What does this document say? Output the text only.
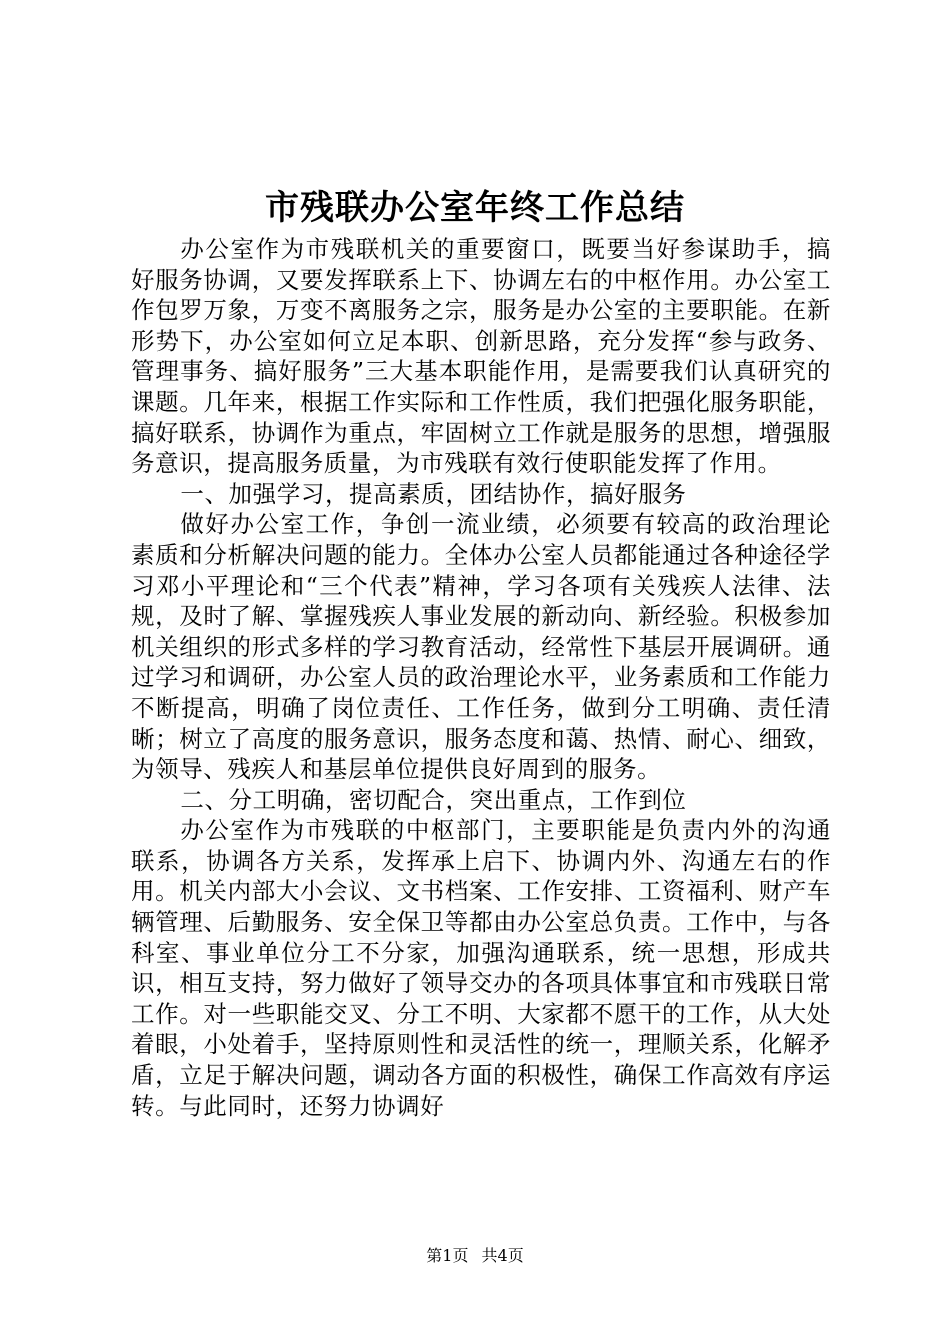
市残联办公室年终工作总结

办公室作为市残联机关的重要窗口，既要当好参谋助手，搞好服务协调，又要发挥联系上下、协调左右的中枢作用。办公室工作包罗万象，万变不离服务之宗，服务是办公室的主要职能。在新形势下，办公室如何立足本职、创新思路，充分发挥“参与政务、管理事务、搞好服务”三大基本职能作用，是需要我们认真研究的课题。几年来，根据工作实际和工作性质，我们把强化服务职能，搞好联系，协调作为重点，牢固树立工作就是服务的思想，增强服务意识，提高服务质量，为市残联有效行使职能发挥了作用。

一、加强学习，提高素质，团结协作，搞好服务

做好办公室工作，争创一流业绩，必须要有较高的政治理论素质和分析解决问题的能力。全体办公室人员都能通过各种途径学习邓小平理论和“三个代表”精神，学习各项有关残疾人法律、法规，及时了解、掌握残疾人事业发展的新动向、新经验。积极参加机关组织的形式多样的学习教育活动，经常性下基层开展调研。通过学习和调研，办公室人员的政治理论水平，业务素质和工作能力不断提高，明确了岗位责任、工作任务，做到分工明确、责任清晰；树立了高度的服务意识，服务态度和蔼、热情、耐心、细致，为领导、残疾人和基层单位提供良好周到的服务。

二、分工明确，密切配合，突出重点，工作到位

办公室作为市残联的中枢部门，主要职能是负责内外的沟通联系，协调各方关系，发挥承上启下、协调内外、沟通左右的作用。机关内部大小会议、文书档案、工作安排、工资福利、财产车辆管理、后勤服务、安全保卫等都由办公室总负责。工作中，与各科室、事业单位分工不分家，加强沟通联系，统一思想，形成共识，相互支持，努力做好了领导交办的各项具体事宜和市残联日常工作。对一些职能交叉、分工不明、大家都不愿干的工作，从大处着眼，小处着手，坚持原则性和灵活性的统一，理顺关系，化解矛盾，立足于解决问题，调动各方面的积极性，确保工作高效有序运转。与此同时，还努力协调好

第1页 共4页
